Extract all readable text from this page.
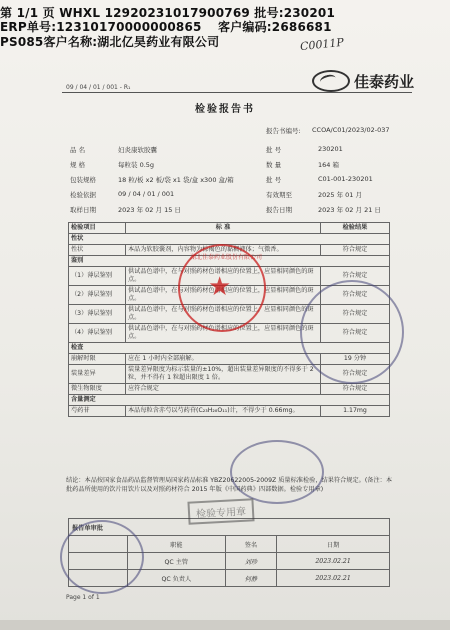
第 1/1 页 WHXL 12920231017900769 批号:230201
ERP单号:12310170000000865 客户编码:2686681
PS085客户名称:湖北亿昊药业有限公司	C0011P
佳泰药业
09 / 04 / 01 / 001 - R₁
检验报告书
报告书编号: CCOA/C01/2023/02-037
品 名	妇炎康软胶囊	批 号	230201
规 格	每粒装 0.5g	数 量	164 箱
包装规格	18 粒/板 x2 板/袋 x1 袋/盒 x300 盒/箱	批 号	C01-001-230201
检验依据	09 / 04 / 01 / 001	有效期至	2025 年 01 月
取样日期	2023 年 02 月 15 日	报告日期	2023 年 02 月 21 日
检验项目	标 准	检验结果
性状		
性状	本品为软胶囊剂，内容物为棕褐色的黏稠液体；气微香。	符合规定
鉴别		
（1）薄层鉴别	供试品色谱中，在与对照药材色谱相应的位置上，应显相同颜色的斑点。	符合规定
（2）薄层鉴别	供试品色谱中，在与对照药材色谱相应的位置上，应显相同颜色的斑点。	符合规定
（3）薄层鉴别	供试品色谱中，在与对照药材色谱相应的位置上，应显相同颜色的斑点。	符合规定
（4）薄层鉴别	供试品色谱中，在与对照药材色谱相应的位置上，应显相同颜色的斑点。	符合规定
检查		
崩解时限	应在 1 小时内全部崩解。	19 分钟
装量差异	装量差异限度为标示装量的±10%，超出装量差异限度的不得多于 2 粒，并不得有 1 粒超出限度 1 倍。	符合规定
微生物限度	应符合规定	符合规定
含量测定		
芍药苷	本品每粒含赤芍以芍药苷(C₂₃H₂₈O₁₁)计，不得少于 0.66mg。	1.17mg
结论：本品按国家食品药品监督管理局国家药品标准 YBZ20622005-2009Z 质量标准检验，结果符合规定。(备注：本批药品所使用的饮片用饮片以及对照药材符合 2015 年版《中国药典》四部数据。检验专用章)
报告单审批			
	职能	签名	日期
	QC 主管	刘珍	2023.02.21
	QC 负责人	何静	2023.02.21
湖北佳泰药业股份有限公司
★
检验专用章
Page 1 of 1
